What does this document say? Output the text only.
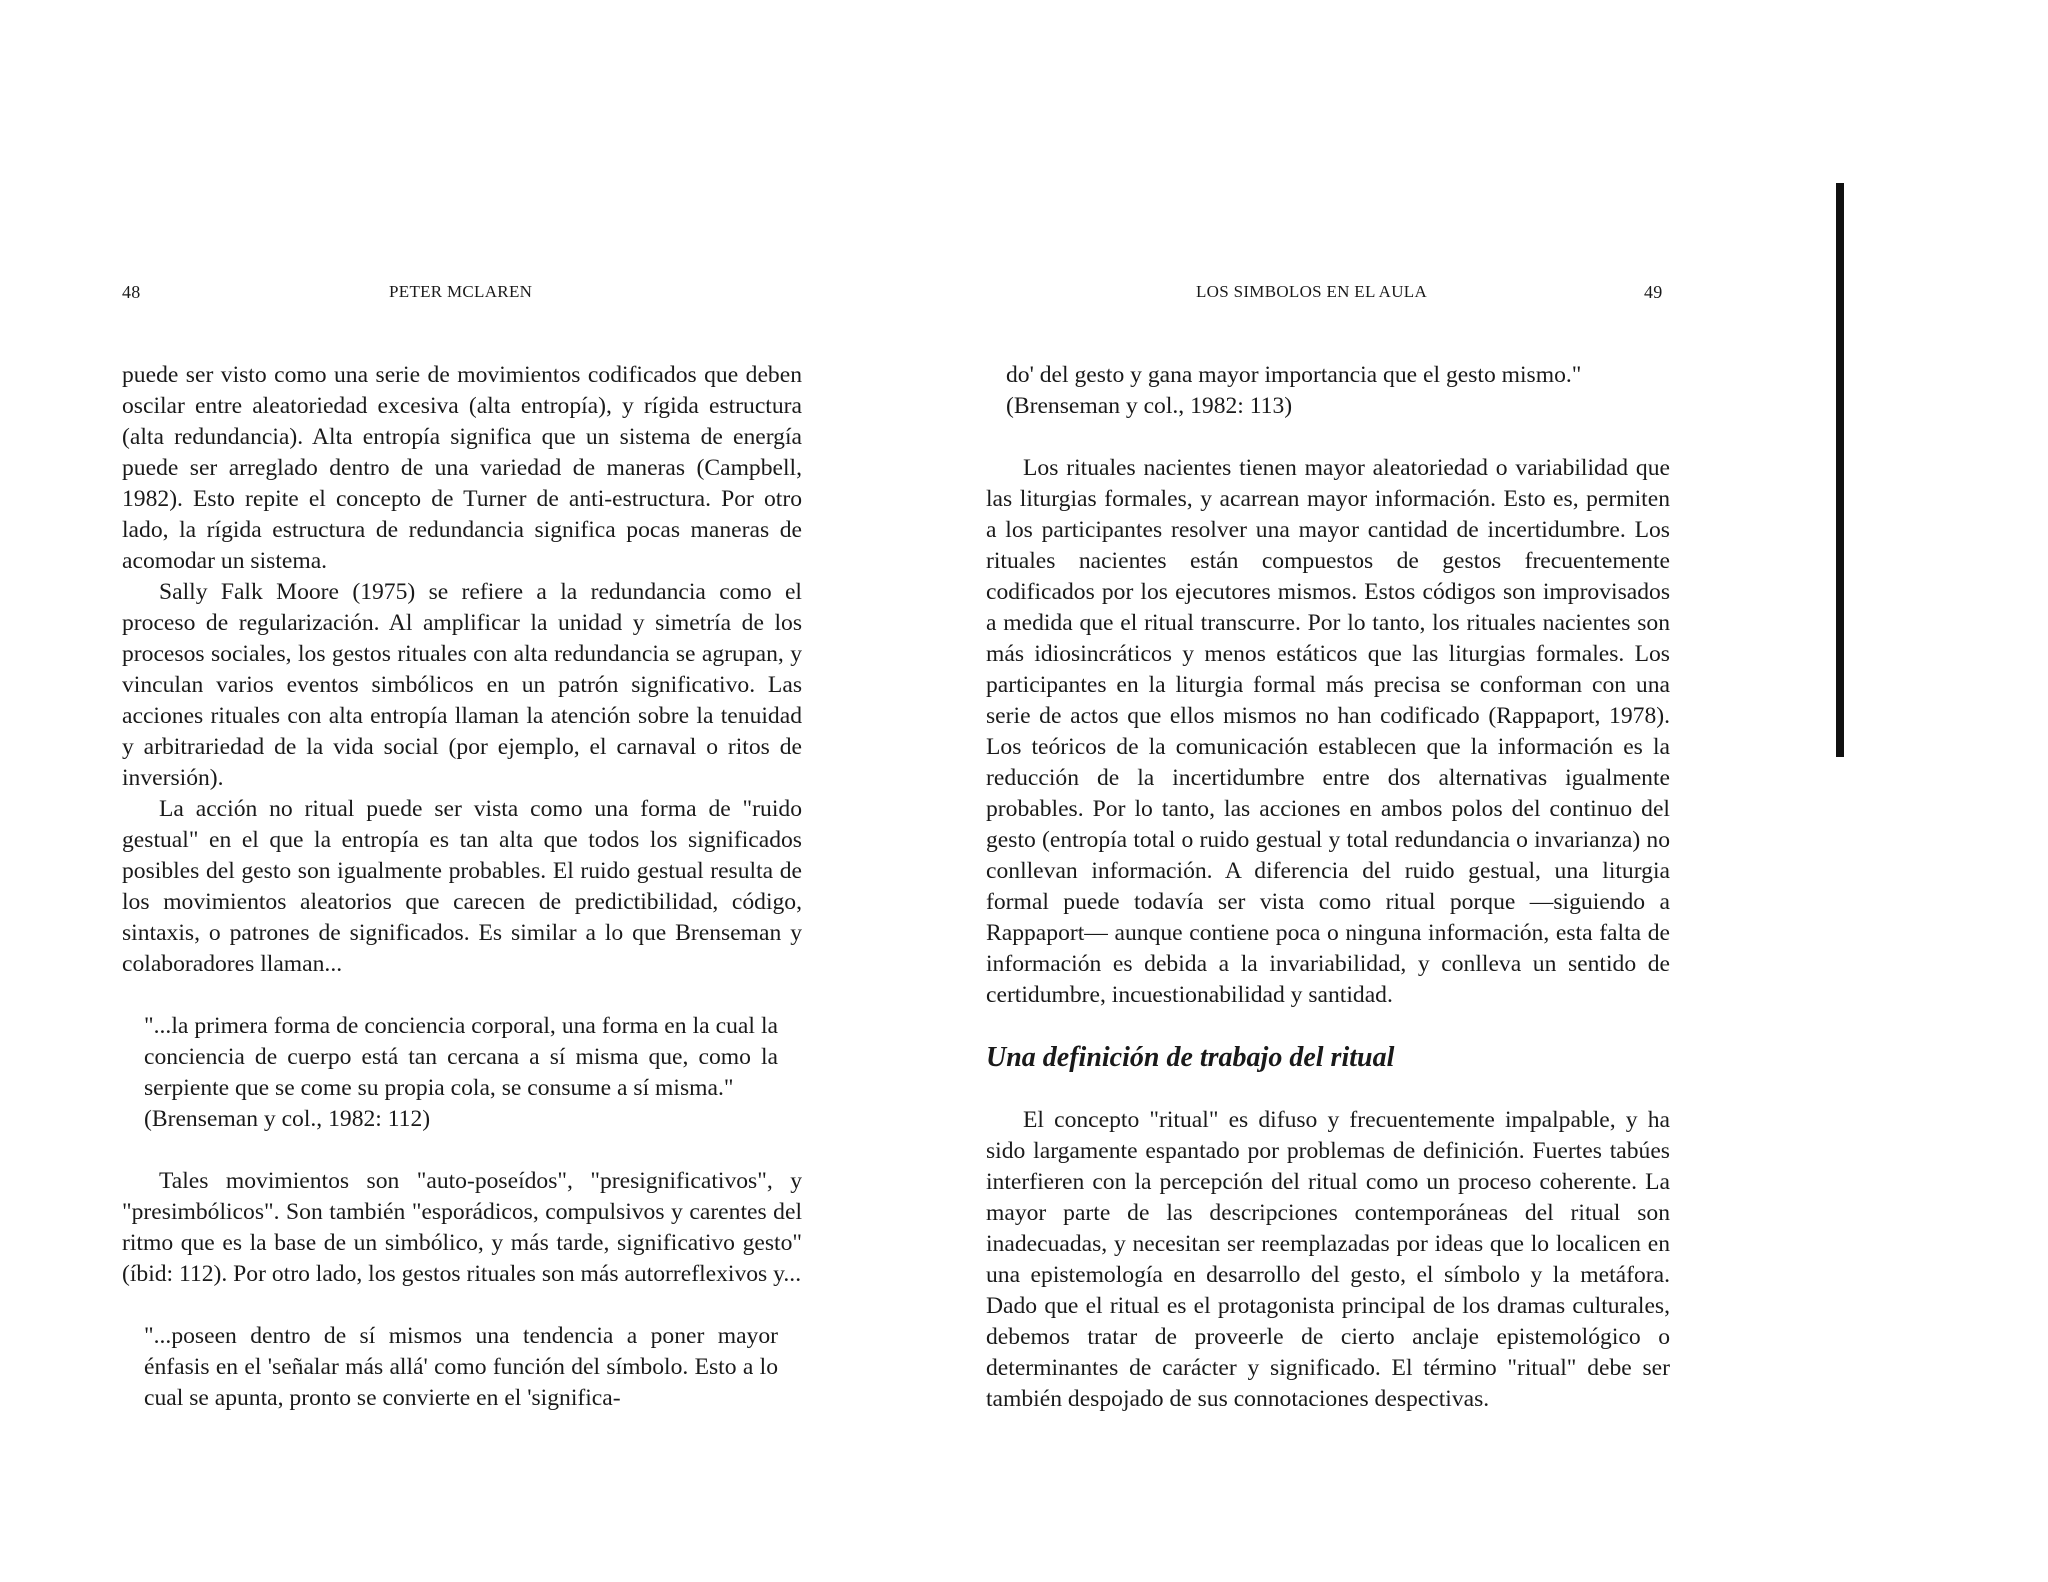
48	PETER MCLAREN

puede ser visto como una serie de movimientos codificados que deben oscilar entre aleatoriedad excesiva (alta entropía), y rígida estructura (alta redundancia). Alta entropía significa que un sistema de energía puede ser arreglado dentro de una variedad de maneras (Campbell, 1982). Esto repite el concepto de Turner de anti-estructura. Por otro lado, la rígida estructura de redundancia significa pocas maneras de acomodar un sistema.

Sally Falk Moore (1975) se refiere a la redundancia como el proceso de regularización. Al amplificar la unidad y simetría de los procesos sociales, los gestos rituales con alta redundancia se agrupan, y vinculan varios eventos simbólicos en un patrón significativo. Las acciones rituales con alta entropía llaman la atención sobre la tenuidad y arbitrariedad de la vida social (por ejemplo, el carnaval o ritos de inversión).

La acción no ritual puede ser vista como una forma de "ruido gestual" en el que la entropía es tan alta que todos los significados posibles del gesto son igualmente probables. El ruido gestual resulta de los movimientos aleatorios que carecen de predictibilidad, código, sintaxis, o patrones de significados. Es similar a lo que Brenseman y colaboradores llaman...

"...la primera forma de conciencia corporal, una forma en la cual la conciencia de cuerpo está tan cercana a sí misma que, como la serpiente que se come su propia cola, se consume a sí misma."

(Brenseman y col., 1982: 112)

Tales movimientos son "auto-poseídos", "presignificativos", y "presimbólicos". Son también "esporádicos, compulsivos y carentes del ritmo que es la base de un simbólico, y más tarde, significativo gesto" (íbid: 112). Por otro lado, los gestos rituales son más autorreflexivos y...

"...poseen dentro de sí mismos una tendencia a poner mayor énfasis en el 'señalar más allá' como función del símbolo. Esto a lo cual se apunta, pronto se convierte en el 'significa-

LOS SIMBOLOS EN EL AULA	49

do' del gesto y gana mayor importancia que el gesto mismo."

(Brenseman y col., 1982: 113)

Los rituales nacientes tienen mayor aleatoriedad o variabilidad que las liturgias formales, y acarrean mayor información. Esto es, permiten a los participantes resolver una mayor cantidad de incertidumbre. Los rituales nacientes están compuestos de gestos frecuentemente codificados por los ejecutores mismos. Estos códigos son improvisados a medida que el ritual transcurre. Por lo tanto, los rituales nacientes son más idiosincráticos y menos estáticos que las liturgias formales. Los participantes en la liturgia formal más precisa se conforman con una serie de actos que ellos mismos no han codificado (Rappaport, 1978). Los teóricos de la comunicación establecen que la información es la reducción de la incertidumbre entre dos alternativas igualmente probables. Por lo tanto, las acciones en ambos polos del continuo del gesto (entropía total o ruido gestual y total redundancia o invarianza) no conllevan información. A diferencia del ruido gestual, una liturgia formal puede todavía ser vista como ritual porque —siguiendo a Rappaport— aunque contiene poca o ninguna información, esta falta de información es debida a la invariabilidad, y conlleva un sentido de certidumbre, incuestionabilidad y santidad.

Una definición de trabajo del ritual

El concepto "ritual" es difuso y frecuentemente impalpable, y ha sido largamente espantado por problemas de definición. Fuertes tabúes interfieren con la percepción del ritual como un proceso coherente. La mayor parte de las descripciones contemporáneas del ritual son inadecuadas, y necesitan ser reemplazadas por ideas que lo localicen en una epistemología en desarrollo del gesto, el símbolo y la metáfora. Dado que el ritual es el protagonista principal de los dramas culturales, debemos tratar de proveerle de cierto anclaje epistemológico o determinantes de carácter y significado. El término "ritual" debe ser también despojado de sus connotaciones despectivas.
